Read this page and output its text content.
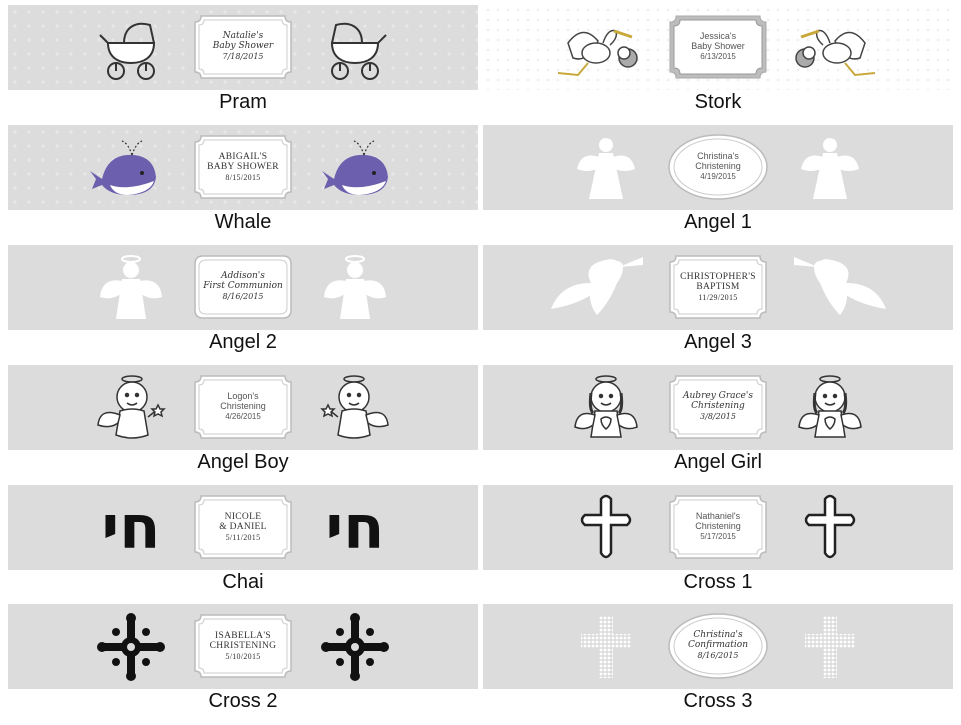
Natalie's
Baby Shower
7/18/2015
Pram
Jessica's
Baby Shower
6/13/2015
Stork
ABIGAIL'S
BABY SHOWER
8/15/2015
Whale
Christina's
Christening
4/19/2015
Angel 1
Addison's
First Communion
8/16/2015
Angel 2
CHRISTOPHER'S
BAPTISM
11/29/2015
Angel 3
Logon's
Christening
4/26/2015
Angel Boy
Aubrey Grace's
Christening
3/8/2015
Angel Girl
חי	NICOLE
& DANIEL
5/11/2015 חי
Chai
Nathaniel's
Christening
5/17/2015
Cross 1
ISABELLA'S
CHRISTENING
5/10/2015
Cross 2
Christina's
Confirmation
8/16/2015
Cross 3
